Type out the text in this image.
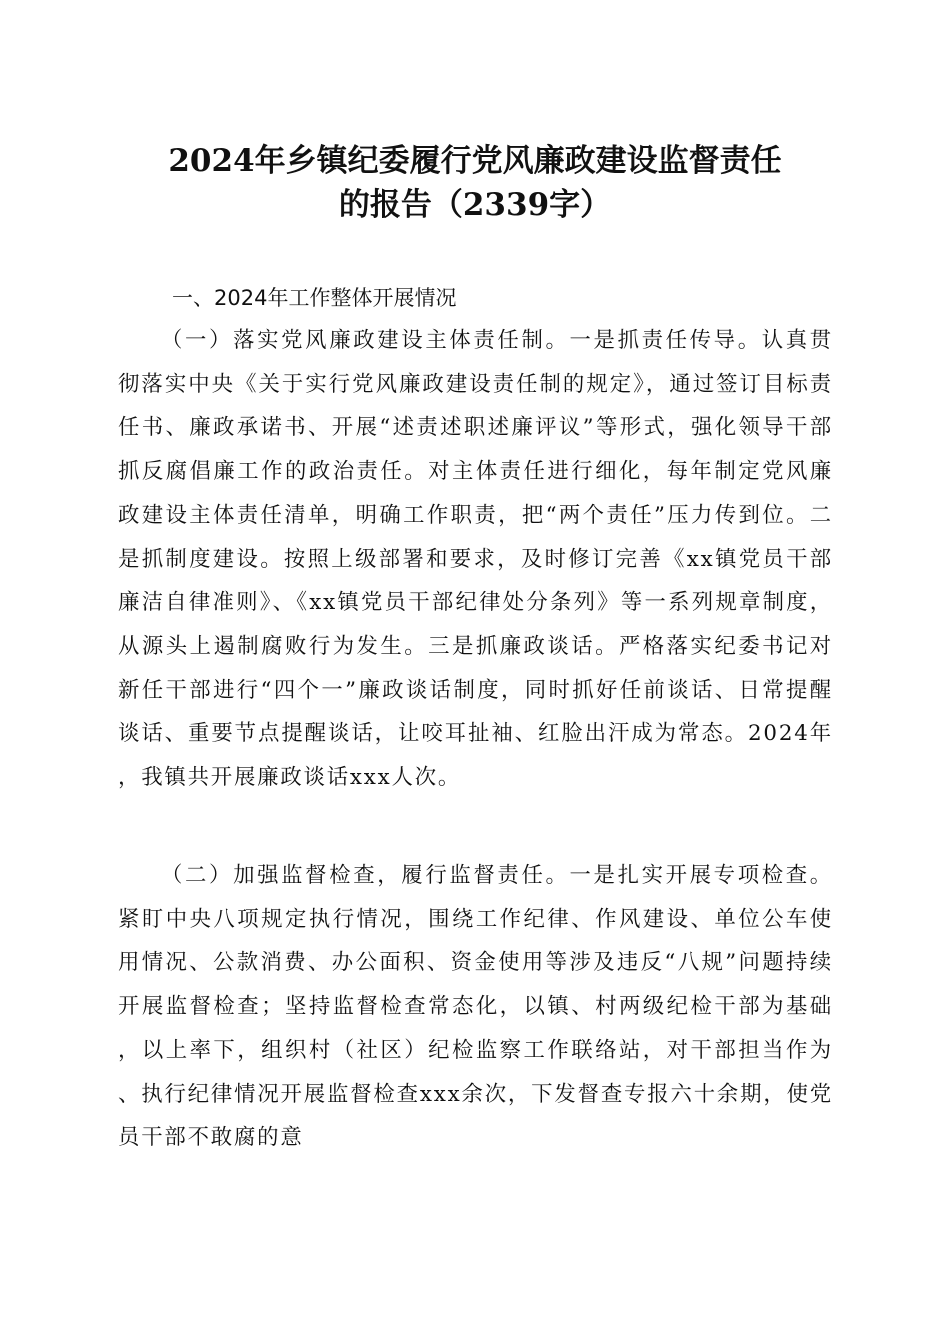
2024年乡镇纪委履行党风廉政建设监督责任
的报告（2339字）
一、2024年工作整体开展情况
（一）落实党风廉政建设主体责任制。一是抓责任传导。认真贯彻落实中央《关于实行党风廉政建设责任制的规定》，通过签订目标责任书、廉政承诺书、开展“述责述职述廉评议”等形式，强化领导干部抓反腐倡廉工作的政治责任。对主体责任进行细化，每年制定党风廉政建设主体责任清单，明确工作职责，把“两个责任”压力传到位。二是抓制度建设。按照上级部署和要求，及时修订完善《xx镇党员干部廉洁自律准则》、《xx镇党员干部纪律处分条列》等一系列规章制度，从源头上遏制腐败行为发生。三是抓廉政谈话。严格落实纪委书记对新任干部进行“四个一”廉政谈话制度，同时抓好任前谈话、日常提醒谈话、重要节点提醒谈话，让咬耳扯袖、红脸出汗成为常态。2024年，我镇共开展廉政谈话xxx人次。
（二）加强监督检查，履行监督责任。一是扎实开展专项检查。紧盯中央八项规定执行情况，围绕工作纪律、作风建设、单位公车使用情况、公款消费、办公面积、资金使用等涉及违反“八规”问题持续开展监督检查；坚持监督检查常态化，以镇、村两级纪检干部为基础，以上率下，组织村（社区）纪检监察工作联络站，对干部担当作为、执行纪律情况开展监督检查xxx余次，下发督查专报六十余期，使党员干部不敢腐的意
